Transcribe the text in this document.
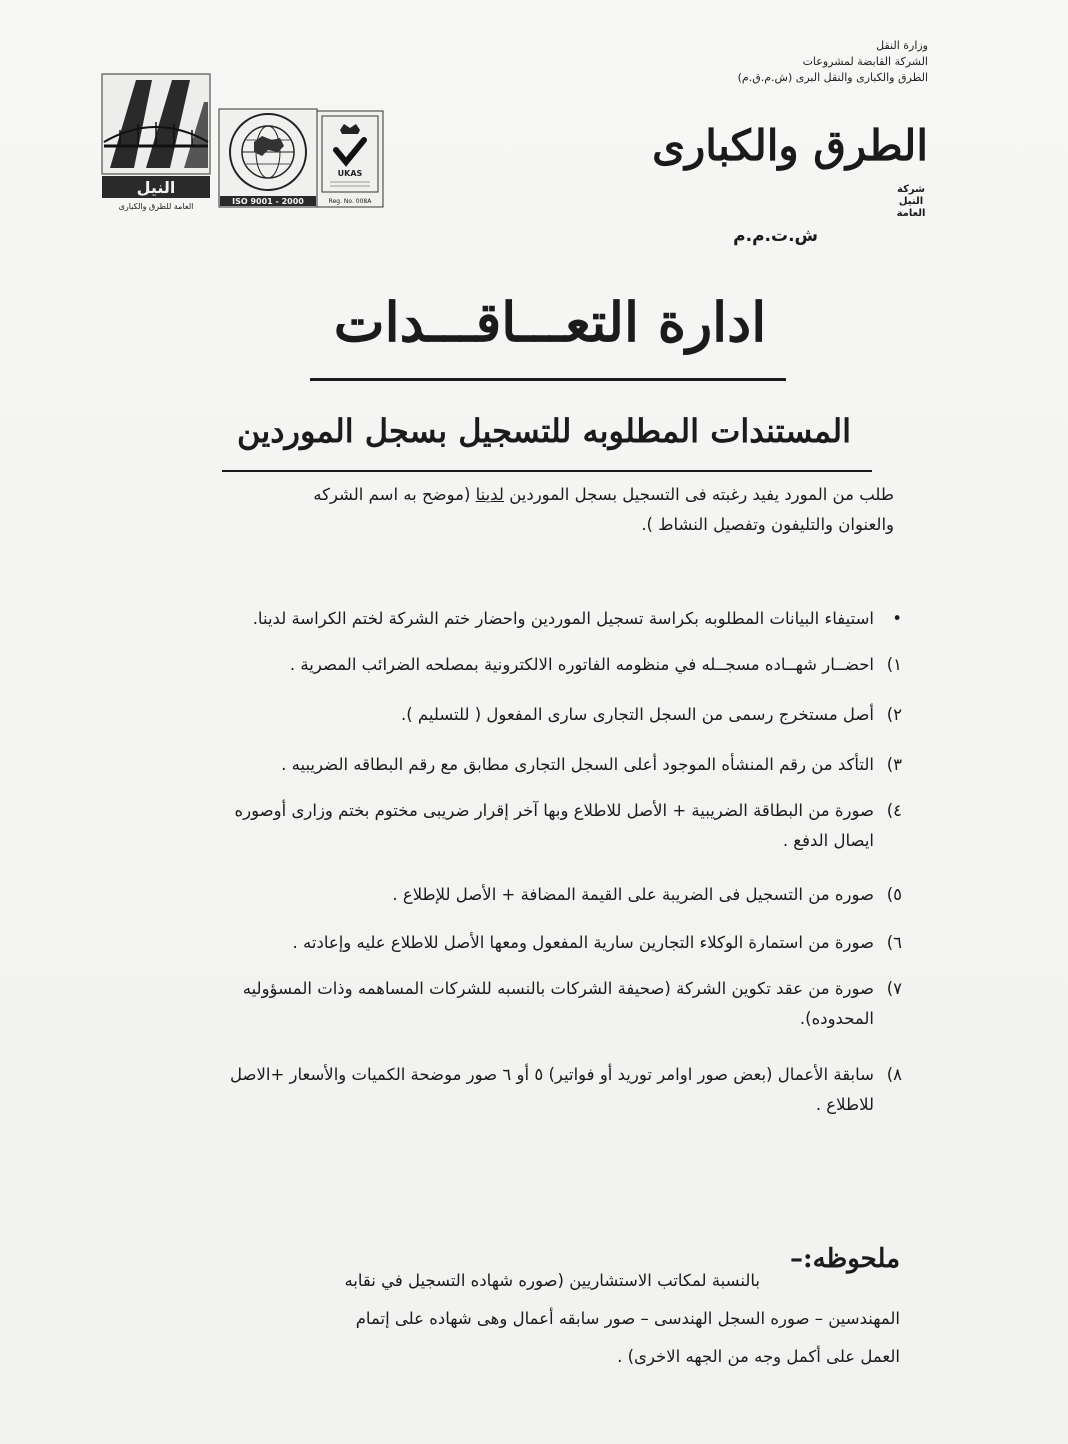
وزارة النقل
الشركة القابضة لمشروعات
الطرق والكبارى والنقل البرى (ش.م.ق.م)
الطرق والكبارىشركة النيل العامة
ش.ت.م.م
النيل
العامة للطرق والكبارى
ISO 9001 - 2000
UKAS
Reg. No. 008A
ادارة التعـــاقـــدات
المستندات المطلوبه للتسجيل بسجل الموردين
طلب من المورد يفيد رغبته فى التسجيل بسجل الموردين لدينا (موضح به اسم الشركه
والعنوان والتليفون وتفصيل النشاط ).
•استيفاء البيانات المطلوبه بكراسة تسجيل الموردين واحضار ختم الشركة لختم الكراسة لدينا.
١)احضــار شهــاده مسجــله في منظومه الفاتوره الالكترونية بمصلحه الضرائب المصرية .
٢)أصل مستخرج رسمى من السجل التجارى سارى المفعول ( للتسليم ).
٣)التأكد من رقم المنشأه الموجود أعلى السجل التجارى مطابق مع رقم البطاقه الضريبيه .
٤)صورة من البطاقة الضريبية + الأصل للاطلاع وبها آخر إقرار ضريبى مختوم بختم وزارى أوصوره
ايصال الدفع .
٥)صوره من التسجيل فى الضريبة على القيمة المضافة + الأصل للإطلاع .
٦)صورة من استمارة الوكلاء التجارين سارية المفعول ومعها الأصل للاطلاع عليه وإعادته .
٧)صورة من عقد تكوين الشركة (صحيفة الشركات بالنسبه للشركات المساهمه وذات المسؤوليه
المحدوده).
٨)سابقة الأعمال (بعض صور اوامر توريد أو فواتير) ٥ أو ٦ صور موضحة الكميات والأسعار +الاصل
للاطلاع .
ملحوظه:–
بالنسبة لمكاتب الاستشاريين (صوره شهاده التسجيل في نقابه
المهندسين – صوره السجل الهندسى – صور سابقه أعمال وهى شهاده على إتمام
العمل على أكمل وجه من الجهه الاخرى) .
